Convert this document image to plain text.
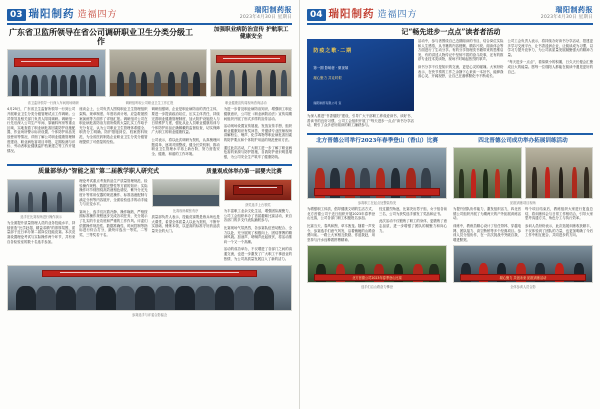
03 瑞阳制药 造福四方
瑞阳制药报
2023年4月30日 星期日
广东省卫监所领导在省公司调研职业卫生分类分级工作
加强职业病防治宣传 护航职工健康安全
省卫监所领导一行深入车间现场调研	调研组听取公司职业卫生工作汇报	职业健康宣传周现场咨询活动

4月25日，广东省卫生监督所领导一行到公司开展职业卫生分类分级管理试点工作调研。公司领导及相关部门负责人陪同调研。调研组一行先后深入公司生产车间、原辅料库房等重点区域，实地查看了职业病危害因素防护设施配置、作业场所警示标识设置、个体防护用品发放使用等情况，详细了解公司职业健康管理制度建设、职业病危害项目申报、定期检测与评价、劳动者职业健康监护档案建立等工作开展情况。

座谈会上，公司负责人围绕职业卫生管理组织架构、规章制度、年度培训计划、应急救援预案演练等方面作了详细汇报。调研组对公司在职业病危害防治方面所做的大量扎实工作给予充分肯定，认为公司职业卫生管理体系健全、职责分工明确、防护措施到位、档案资料规范，为全省医药制造企业职业卫生分类分级管理提供了可借鉴的经验。

调研组强调，企业是职业病防治的责任主体，要进一步提高政治站位，压实主体责任，持续完善职业健康管理制度，加大防护设施投入与日常维护力度，强化从业人员职业健康培训与个体防护用品正确佩戴的监督检查，切实保障广大职工的职业健康权益。

公司表示，将以此次调研为契机，认真梳理问题清单，逐项对照整改，健全长效机制，推动职业卫生管理水平再上新台阶，努力营造安全、健康、和谐的工作环境。

为进一步普及职业病防治知识，增强职工职业健康意识，公司在《职业病防治法》宣传周期间组织开展了形式多样的宣传活动。

活动现场设置宣传展板、发放宣传手册，组织职业健康知识有奖问答，并邀请专业医师现场讲解粉尘、噪声、化学毒物等职业病危害因素的防护要点和个体防护用品的规范使用方法。

通过此次活动，广大职工进一步了解了职业病危害的来源与防护措施，自我防护意识明显增强，为公司安全生产筑牢了健康防线。

质量部举办“智能之星”第二届教学职人研究式	质量观成体举办第一届婴夫比赛
选手在比赛现场进行操作演示

为全面提升质量管理人员的业务技能水平，持续营造“比学赶超、精益求精”的浓厚氛围，质量部于近日举办第二届岗位技能竞赛。本次竞赛设置理论考试与实际操作两个环节，共有来自各检验室的数十名选手参加。

理论考试重点考查药品生产质量管理规范、检验操作规程、数据完整性等方面的知识；实际操作环节则围绕高效液相色谱仪、紫外分光光度计等常用仪器的规范操作、标准溶液配制与滴定分析等内容展开，全面检验选手的动手能力与应变水平。

赛场上，选手们沉着冷静、操作娴熟，严格按照标准操作规程逐步完成各项任务，充分展示了扎实的专业功底和严谨的工作作风。评委们依据操作规范性、数据准确性、时间控制等指标进行综合打分，最终评选出一等奖、二等奖、三等奖若干名。

比赛现场紧张有序

质量部负责人表示，技能竞赛既是练兵场也是大课堂，希望全体质量人以此为契机，不断夯实基础、锤炼本领，以更高的标准守好药品质量安全的大门。

获奖选手上台领奖

为丰富职工业余文化生活，增强团队凝聚力，公司工会组织举办了首届趣味比赛活动，来自各部门的多支代表队踊跃参与。

比赛现场气氛热烈，各参赛队伍密切配合、全力以赴，充分展现了积极向上、团结拼搏的精神风貌。加油声、呐喊声此起彼伏，将活动推向一个又一个高潮。

活动的成功举办，不仅增进了各部门之间的沟通交流，也进一步激发了广大职工干事创业的热情，为公司高质量发展注入了新的活力。

参赛选手与评委合影留念
04 瑞阳制药 造福四方
瑞阳制药报
2023年4月30日 星期日
记“畅先进步一点点”读者者活动
防疫之歌·二期
第一期 影响者 · 微视频
凝心聚力 共克时艰
瑞阳制药有限公司 宣

为深入推进“书香瑞阳”建设，引导广大干部职工养成爱读书、读好书、善读书的良好习惯，公司工会组织开展了“每天进步一点点”读书分享活动，吸引了众多爱好阅读的职工踊跃参与。

活动中，参与者围绕自己近期阅读的书目，结合岗位实际和人生感悟，从书籍的内容梗概、精彩片段、阅读体会等方面进行了生动分享。有的分享管理类书籍带来的思维启发，有的讲述人物传记中坚韧不拔的奋斗故事，还有的推荐专业技术类读物，现场不时响起热烈的掌声。

读书分享不仅是知识的交流，更是心灵的碰撞。大家纷纷表示，在快节奏的工作之余静下心来读一本好书，能够涤荡心灵、开阔视野，让自己在潜移默化中不断成长。

公司工会负责人表示，将持续办好读书分享活动，搭建更多学习交流平台，让书香浸润企业，让阅读成为习惯，以学习力提升竞争力，为公司高质量发展凝聚强大的精神力量。

“每天进步一点点”，看似微小的积累，日久天长便会汇聚成巨大的能量。愿每一位瑞阳人都能在阅读中遇见更好的自己。

北方晋德公司举行2023年春季登山（香山）比赛	四北晋德公司成功举办拓展训练活动
参赛职工在起点处整装待发

为增强职工体质，倡导健康文明的生活方式，北方晋德公司于近日组织开展2023年春季登山比赛，公司各部门职工积极报名参加。

比赛当天，春风和煦、草木葱茏。随着一声发令，参赛选手们意气风发，沿着蜿蜒的山路奋勇向前。一路上大家相互鼓励、你追我赶，用坚持与汗水诠释着拼搏精神。

经过激烈角逐，比赛决出男子组、女子组各前三名，公司为获奖选手颁发了奖品和证书。

此次活动不仅锻炼了职工的身体，更磨炼了意志品质，进一步增强了团队的凝聚力和向心力。

北方晋德公司2023年春季登山比赛
选手们沿山路奋力攀登
拓展训练项目现场

为提升团队协作能力，激发组织活力，四北晋德公司组织开展了为期两天的户外拓展训练活动。

训练中，教练员精心设计了信任背摔、穿越电网、团队接力、高空断桥等多个经典项目。参训人员分组协作，在一次次挑战中突破自我、增进默契。

每个项目结束后，教练组织大家进行复盘总结，将训练体会与日常工作相结合，引导大家思考沟通方式、角色分工与执行效率。

参训人员纷纷表示，此次拓展训练收获颇丰，不仅体验到了团队的力量，也更加明确了今后工作中相互配合、共同进步的方向。

凝心聚力 共创未来 拓展训练活动
全体参训人员合影
